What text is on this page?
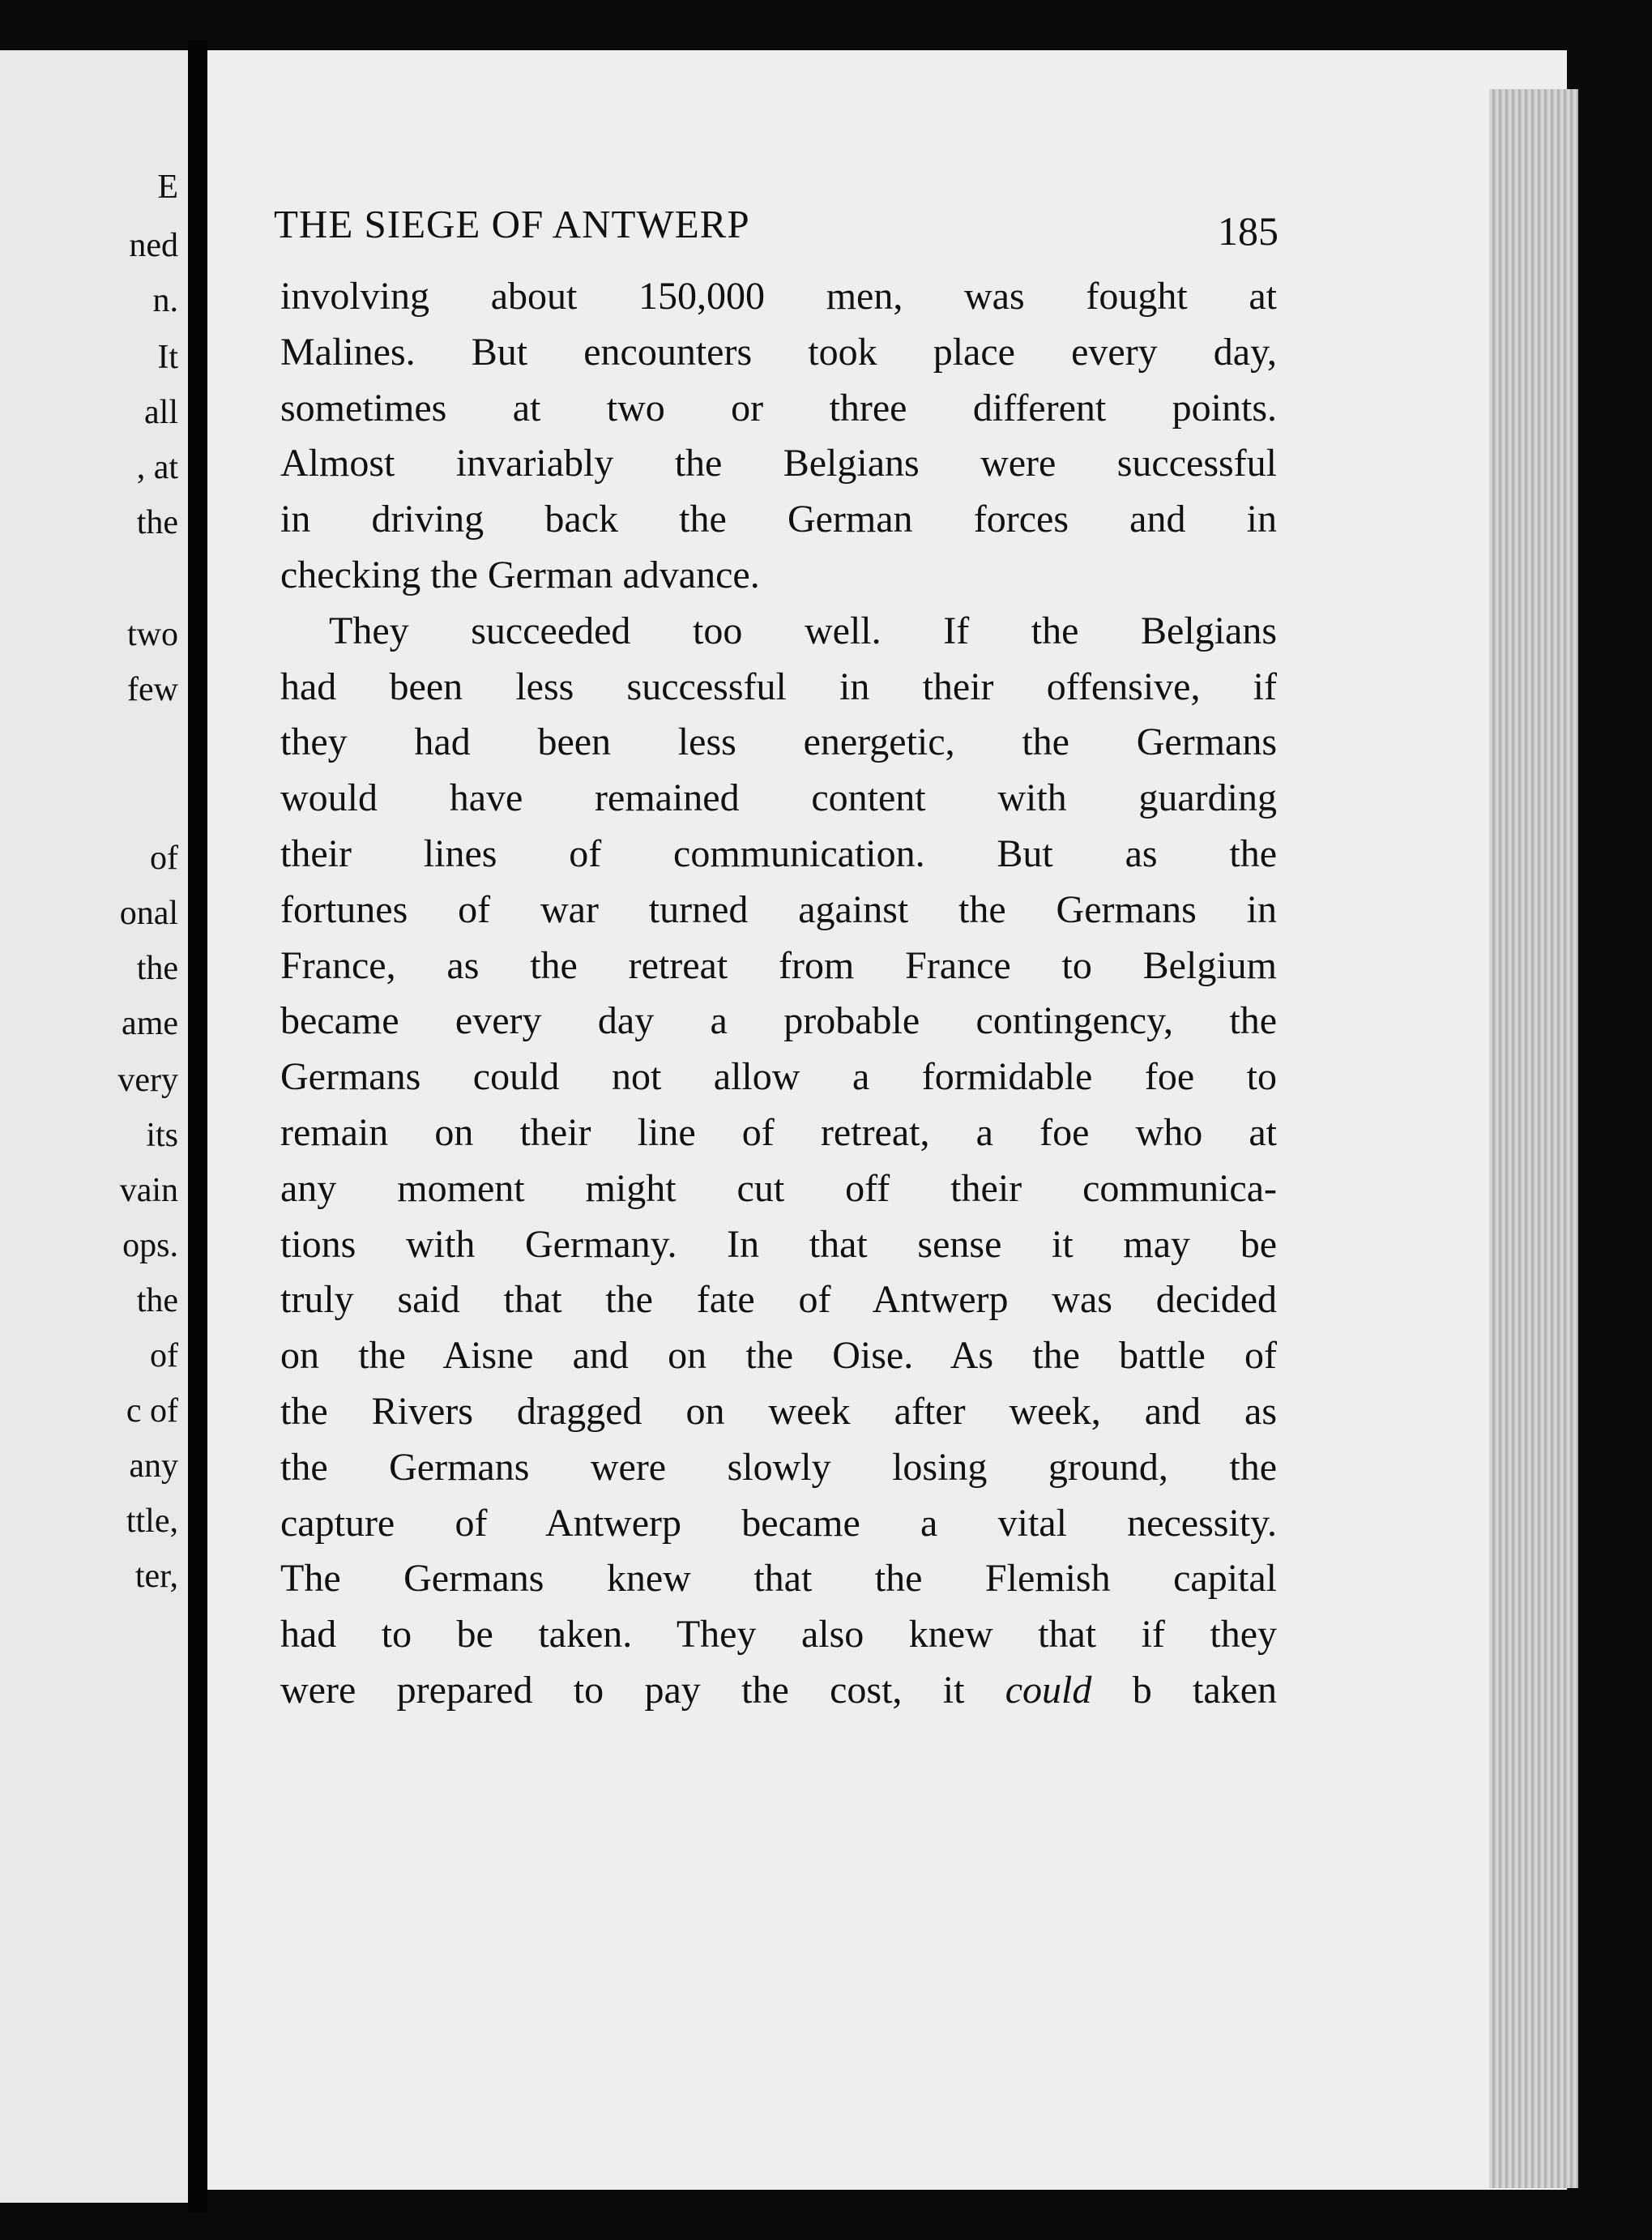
E
ned
n.
It
all
, at
the
two
few
of
onal
the
ame
very
its
vain
ops.
the
of
c of
any
ttle,
ter,
THE SIEGE OF ANTWERP	185
involving about 150,000 men, was fought at
Malines. But encounters took place every day,
sometimes at two or three different points.
Almost invariably the Belgians were successful
in driving back the German forces and in
checking the German advance.
They succeeded too well. If the Belgians
had been less successful in their offensive, if
they had been less energetic, the Germans
would have remained content with guarding
their lines of communication. But as the
fortunes of war turned against the Germans in
France, as the retreat from France to Belgium
became every day a probable contingency, the
Germans could not allow a formidable foe to
remain on their line of retreat, a foe who at
any moment might cut off their communica-
tions with Germany. In that sense it may be
truly said that the fate of Antwerp was decided
on the Aisne and on the Oise. As the battle of
the Rivers dragged on week after week, and as
the Germans were slowly losing ground, the
capture of Antwerp became a vital necessity.
The Germans knew that the Flemish capital
had to be taken. They also knew that if they
were prepared to pay the cost, it could b taken
